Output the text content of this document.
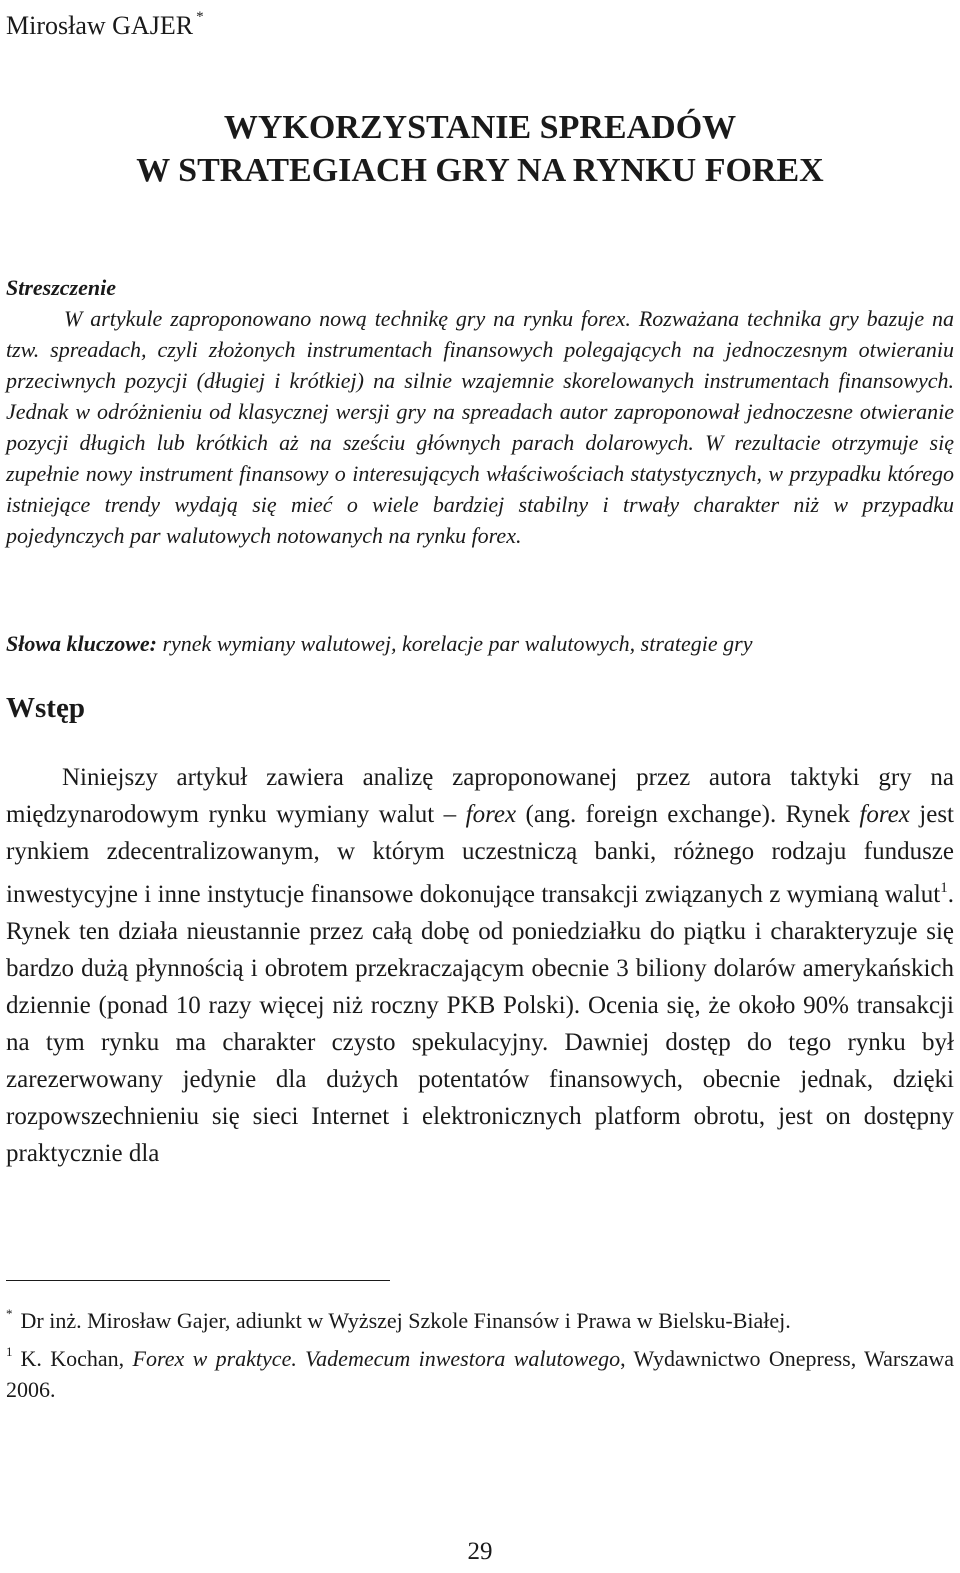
Mirosław GAJER *
WYKORZYSTANIE SPREADÓW
W STRATEGIACH GRY NA RYNKU FOREX
Streszczenie
W artykule zaproponowano nową technikę gry na rynku forex. Rozważana technika gry bazuje na tzw. spreadach, czyli złożonych instrumentach finansowych polegających na jednoczesnym otwieraniu przeciwnych pozycji (długiej i krótkiej) na silnie wzajemnie skorelowanych instrumentach finansowych. Jednak w odróżnieniu od klasycznej wersji gry na spreadach autor zaproponował jednoczesne otwieranie pozycji długich lub krótkich aż na sześciu głównych parach dolarowych. W rezultacie otrzymuje się zupełnie nowy instrument finansowy o interesujących właściwościach statystycznych, w przypadku którego istniejące trendy wydają się mieć o wiele bardziej stabilny i trwały charakter niż w przypadku pojedynczych par walutowych notowanych na rynku forex.
Słowa kluczowe: rynek wymiany walutowej, korelacje par walutowych, strategie gry
Wstęp

Niniejszy artykuł zawiera analizę zaproponowanej przez autora taktyki gry na międzynarodowym rynku wymiany walut – forex (ang. foreign exchange). Rynek forex jest rynkiem zdecentralizowanym, w którym uczestniczą banki, różnego rodzaju fundusze inwestycyjne i inne instytucje finansowe dokonujące transakcji związanych z wymianą walut$^1$. Rynek ten działa nieustannie przez całą dobę od poniedziałku do piątku i charakteryzuje się bardzo dużą płynnością i obrotem przekraczającym obecnie 3 biliony dolarów amerykańskich dziennie (ponad 10 razy więcej niż roczny PKB Polski). Ocenia się, że około 90% transakcji na tym rynku ma charakter czysto spekulacyjny. Dawniej dostęp do tego rynku był zarezerwowany jedynie dla dużych potentatów finansowych, obecnie jednak, dzięki rozpowszechnieniu się sieci Internet i elektronicznych platform obrotu, jest on dostępny praktycznie dla

* Dr inż. Mirosław Gajer, adiunkt w Wyższej Szkole Finansów i Prawa w Bielsku-Białej.
$^1$ K. Kochan, Forex w praktyce. Vademecum inwestora walutowego, Wydawnictwo Onepress, Warszawa 2006.
29
